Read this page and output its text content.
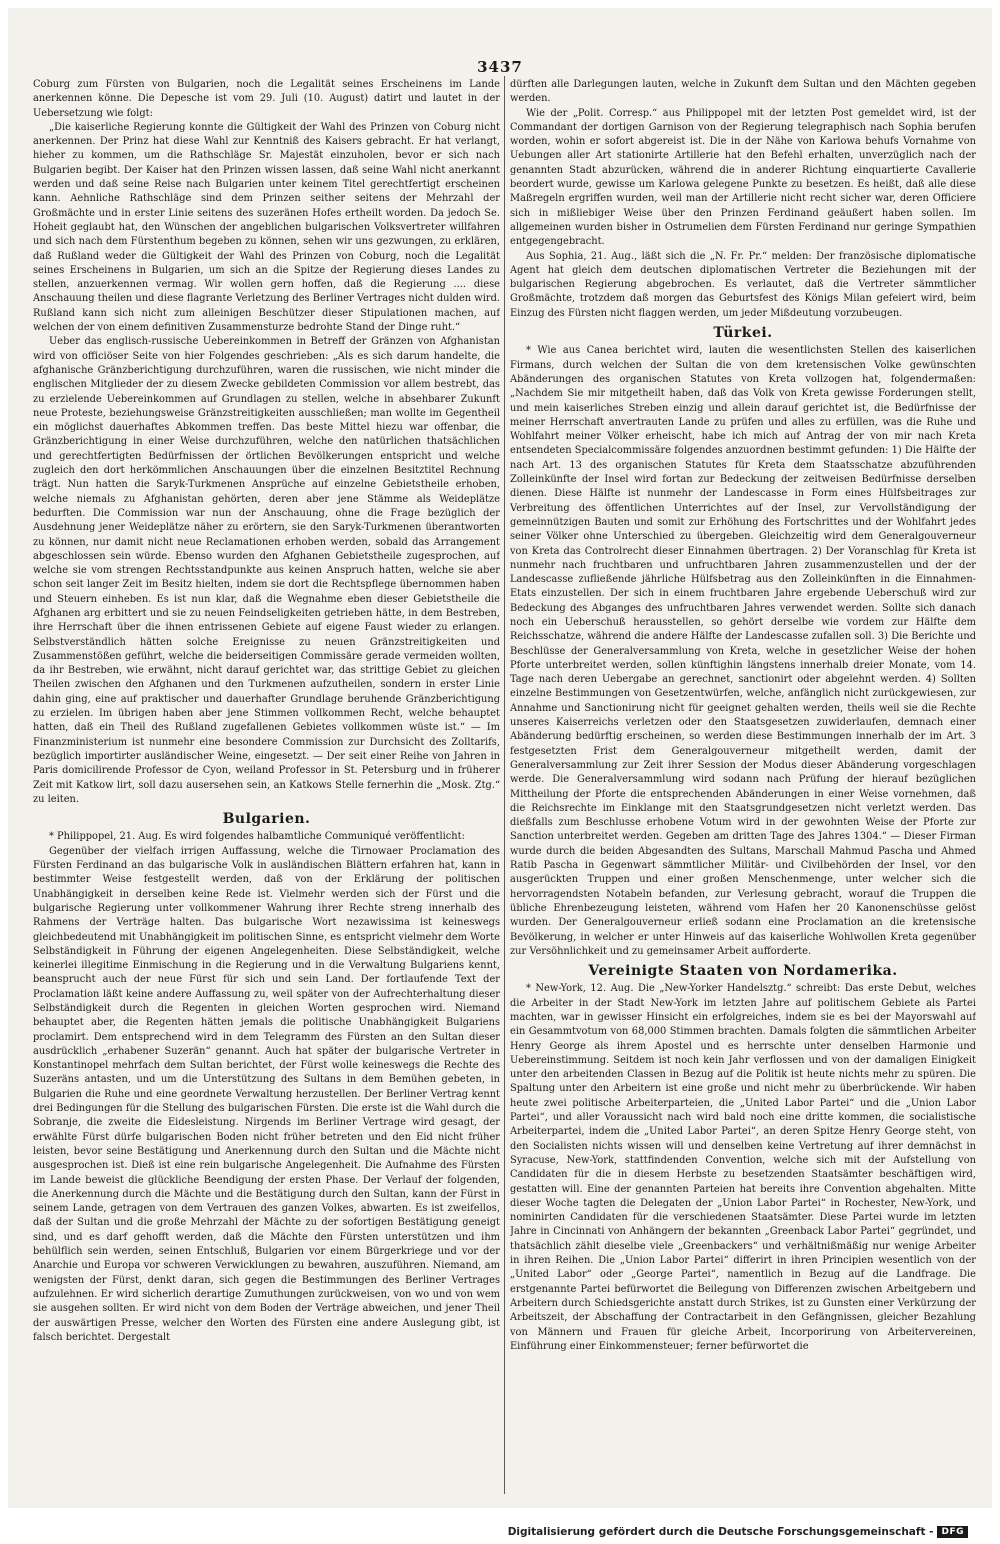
3437

Coburg zum Fürsten von Bulgarien, noch die Legalität seines Erscheinens im Lande anerkennen könne. Die Depesche ist vom 29. Juli (10. August) datirt und lautet in der Uebersetzung wie folgt:

„Die kaiserliche Regierung konnte die Gültigkeit der Wahl des Prinzen von Coburg nicht anerkennen. Der Prinz hat diese Wahl zur Kenntniß des Kaisers gebracht. Er hat verlangt, hieher zu kommen, um die Rathschläge Sr. Majestät einzuholen, bevor er sich nach Bulgarien begibt. Der Kaiser hat den Prinzen wissen lassen, daß seine Wahl nicht anerkannt werden und daß seine Reise nach Bulgarien unter keinem Titel gerechtfertigt erscheinen kann. Aehnliche Rathschläge sind dem Prinzen seither seitens der Mehrzahl der Großmächte und in erster Linie seitens des suzeränen Hofes ertheilt worden. Da jedoch Se. Hoheit geglaubt hat, den Wünschen der angeblichen bulgarischen Volksvertreter willfahren und sich nach dem Fürstenthum begeben zu können, sehen wir uns gezwungen, zu erklären, daß Rußland weder die Gültigkeit der Wahl des Prinzen von Coburg, noch die Legalität seines Erscheinens in Bulgarien, um sich an die Spitze der Regierung dieses Landes zu stellen, anzuerkennen vermag. Wir wollen gern hoffen, daß die Regierung .... diese Anschauung theilen und diese flagrante Verletzung des Berliner Vertrages nicht dulden wird. Rußland kann sich nicht zum alleinigen Beschützer dieser Stipulationen machen, auf welchen der von einem definitiven Zusammensturze bedrohte Stand der Dinge ruht.“

Ueber das englisch-russische Uebereinkommen in Betreff der Gränzen von Afghanistan wird von officiöser Seite von hier Folgendes geschrieben: „Als es sich darum handelte, die afghanische Gränzberichtigung durchzuführen, waren die russischen, wie nicht minder die englischen Mitglieder der zu diesem Zwecke gebildeten Commission vor allem bestrebt, das zu erzielende Uebereinkommen auf Grundlagen zu stellen, welche in absehbarer Zukunft neue Proteste, beziehungsweise Gränzstreitigkeiten ausschließen; man wollte im Gegentheil ein möglichst dauerhaftes Abkommen treffen. Das beste Mittel hiezu war offenbar, die Gränzberichtigung in einer Weise durchzuführen, welche den natürlichen thatsächlichen und gerechtfertigten Bedürfnissen der örtlichen Bevölkerungen entspricht und welche zugleich den dort herkömmlichen Anschauungen über die einzelnen Besitztitel Rechnung trägt. Nun hatten die Saryk-Turkmenen Ansprüche auf einzelne Gebietstheile erhoben, welche niemals zu Afghanistan gehörten, deren aber jene Stämme als Weideplätze bedurften. Die Commission war nun der Anschauung, ohne die Frage bezüglich der Ausdehnung jener Weideplätze näher zu erörtern, sie den Saryk-Turkmenen überantworten zu können, nur damit nicht neue Reclamationen erhoben werden, sobald das Arrangement abgeschlossen sein würde. Ebenso wurden den Afghanen Gebietstheile zugesprochen, auf welche sie vom strengen Rechtsstandpunkte aus keinen Anspruch hatten, welche sie aber schon seit langer Zeit im Besitz hielten, indem sie dort die Rechtspflege übernommen haben und Steuern einheben. Es ist nun klar, daß die Wegnahme eben dieser Gebietstheile die Afghanen arg erbittert und sie zu neuen Feindseligkeiten getrieben hätte, in dem Bestreben, ihre Herrschaft über die ihnen entrissenen Gebiete auf eigene Faust wieder zu erlangen. Selbstverständlich hätten solche Ereignisse zu neuen Gränzstreitigkeiten und Zusammenstößen geführt, welche die beiderseitigen Commissäre gerade vermeiden wollten, da ihr Bestreben, wie erwähnt, nicht darauf gerichtet war, das strittige Gebiet zu gleichen Theilen zwischen den Afghanen und den Turkmenen aufzutheilen, sondern in erster Linie dahin ging, eine auf praktischer und dauerhafter Grundlage beruhende Gränzberichtigung zu erzielen. Im übrigen haben aber jene Stimmen vollkommen Recht, welche behauptet hatten, daß ein Theil des Rußland zugefallenen Gebietes vollkommen wüste ist.“ — Im Finanzministerium ist nunmehr eine besondere Commission zur Durchsicht des Zolltarifs, bezüglich importirter ausländischer Weine, eingesetzt. — Der seit einer Reihe von Jahren in Paris domicilirende Professor de Cyon, weiland Professor in St. Petersburg und in früherer Zeit mit Katkow lirt, soll dazu ausersehen sein, an Katkows Stelle fernerhin die „Mosk. Ztg.“ zu leiten.

Bulgarien.

* Philippopel, 21. Aug. Es wird folgendes halbamtliche Communiqué veröffentlicht:

Gegenüber der vielfach irrigen Auffassung, welche die Tirnowaer Proclamation des Fürsten Ferdinand an das bulgarische Volk in ausländischen Blättern erfahren hat, kann in bestimmter Weise festgestellt werden, daß von der Erklärung der politischen Unabhängigkeit in derselben keine Rede ist. Vielmehr werden sich der Fürst und die bulgarische Regierung unter vollkommener Wahrung ihrer Rechte streng innerhalb des Rahmens der Verträge halten. Das bulgarische Wort nezawissima ist keineswegs gleichbedeutend mit Unabhängigkeit im politischen Sinne, es entspricht vielmehr dem Worte Selbständigkeit in Führung der eigenen Angelegenheiten. Diese Selbständigkeit, welche keinerlei illegitime Einmischung in die Regierung und in die Verwaltung Bulgariens kennt, beansprucht auch der neue Fürst für sich und sein Land. Der fortlaufende Text der Proclamation läßt keine andere Auffassung zu, weil später von der Aufrechterhaltung dieser Selbständigkeit durch die Regenten in gleichen Worten gesprochen wird. Niemand behauptet aber, die Regenten hätten jemals die politische Unabhängigkeit Bulgariens proclamirt. Dem entsprechend wird in dem Telegramm des Fürsten an den Sultan dieser ausdrücklich „erhabener Suzerän“ genannt. Auch hat später der bulgarische Vertreter in Konstantinopel mehrfach dem Sultan berichtet, der Fürst wolle keineswegs die Rechte des Suzeräns antasten, und um die Unterstützung des Sultans in dem Bemühen gebeten, in Bulgarien die Ruhe und eine geordnete Verwaltung herzustellen. Der Berliner Vertrag kennt drei Bedingungen für die Stellung des bulgarischen Fürsten. Die erste ist die Wahl durch die Sobranje, die zweite die Eidesleistung. Nirgends im Berliner Vertrage wird gesagt, der erwählte Fürst dürfe bulgarischen Boden nicht früher betreten und den Eid nicht früher leisten, bevor seine Bestätigung und Anerkennung durch den Sultan und die Mächte nicht ausgesprochen ist. Dieß ist eine rein bulgarische Angelegenheit. Die Aufnahme des Fürsten im Lande beweist die glückliche Beendigung der ersten Phase. Der Verlauf der folgenden, die Anerkennung durch die Mächte und die Bestätigung durch den Sultan, kann der Fürst in seinem Lande, getragen von dem Vertrauen des ganzen Volkes, abwarten. Es ist zweifellos, daß der Sultan und die große Mehrzahl der Mächte zu der sofortigen Bestätigung geneigt sind, und es darf gehofft werden, daß die Mächte den Fürsten unterstützen und ihm behülflich sein werden, seinen Entschluß, Bulgarien vor einem Bürgerkriege und vor der Anarchie und Europa vor schweren Verwicklungen zu bewahren, auszuführen. Niemand, am wenigsten der Fürst, denkt daran, sich gegen die Bestimmungen des Berliner Vertrages aufzulehnen. Er wird sicherlich derartige Zumuthungen zurückweisen, von wo und von wem sie ausgehen sollten. Er wird nicht von dem Boden der Verträge abweichen, und jener Theil der auswärtigen Presse, welcher den Worten des Fürsten eine andere Auslegung gibt, ist falsch berichtet. Dergestalt

dürften alle Darlegungen lauten, welche in Zukunft dem Sultan und den Mächten gegeben werden.

Wie der „Polit. Corresp.“ aus Philippopel mit der letzten Post gemeldet wird, ist der Commandant der dortigen Garnison von der Regierung telegraphisch nach Sophia berufen worden, wohin er sofort abgereist ist. Die in der Nähe von Karlowa behufs Vornahme von Uebungen aller Art stationirte Artillerie hat den Befehl erhalten, unverzüglich nach der genannten Stadt abzurücken, während die in anderer Richtung einquartierte Cavallerie beordert wurde, gewisse um Karlowa gelegene Punkte zu besetzen. Es heißt, daß alle diese Maßregeln ergriffen wurden, weil man der Artillerie nicht recht sicher war, deren Officiere sich in mißliebiger Weise über den Prinzen Ferdinand geäußert haben sollen. Im allgemeinen wurden bisher in Ostrumelien dem Fürsten Ferdinand nur geringe Sympathien entgegengebracht.

Aus Sophia, 21. Aug., läßt sich die „N. Fr. Pr.“ melden: Der französische diplomatische Agent hat gleich dem deutschen diplomatischen Vertreter die Beziehungen mit der bulgarischen Regierung abgebrochen. Es verlautet, daß die Vertreter sämmtlicher Großmächte, trotzdem daß morgen das Geburtsfest des Königs Milan gefeiert wird, beim Einzug des Fürsten nicht flaggen werden, um jeder Mißdeutung vorzubeugen.

Türkei.

* Wie aus Canea berichtet wird, lauten die wesentlichsten Stellen des kaiserlichen Firmans, durch welchen der Sultan die von dem kretensischen Volke gewünschten Abänderungen des organischen Statutes von Kreta vollzogen hat, folgendermaßen: „Nachdem Sie mir mitgetheilt haben, daß das Volk von Kreta gewisse Forderungen stellt, und mein kaiserliches Streben einzig und allein darauf gerichtet ist, die Bedürfnisse der meiner Herrschaft anvertrauten Lande zu prüfen und alles zu erfüllen, was die Ruhe und Wohlfahrt meiner Völker erheischt, habe ich mich auf Antrag der von mir nach Kreta entsendeten Specialcommissäre folgendes anzuordnen bestimmt gefunden: 1) Die Hälfte der nach Art. 13 des organischen Statutes für Kreta dem Staatsschatze abzuführenden Zolleinkünfte der Insel wird fortan zur Bedeckung der zeitweisen Bedürfnisse derselben dienen. Diese Hälfte ist nunmehr der Landescasse in Form eines Hülfsbeitrages zur Verbreitung des öffentlichen Unterrichtes auf der Insel, zur Vervollständigung der gemeinnützigen Bauten und somit zur Erhöhung des Fortschrittes und der Wohlfahrt jedes seiner Völker ohne Unterschied zu übergeben. Gleichzeitig wird dem Generalgouverneur von Kreta das Controlrecht dieser Einnahmen übertragen. 2) Der Voranschlag für Kreta ist nunmehr nach fruchtbaren und unfruchtbaren Jahren zusammenzustellen und der der Landescasse zufließende jährliche Hülfsbetrag aus den Zolleinkünften in die Einnahmen-Etats einzustellen. Der sich in einem fruchtbaren Jahre ergebende Ueberschuß wird zur Bedeckung des Abganges des unfruchtbaren Jahres verwendet werden. Sollte sich danach noch ein Ueberschuß herausstellen, so gehört derselbe wie vordem zur Hälfte dem Reichsschatze, während die andere Hälfte der Landescasse zufallen soll. 3) Die Berichte und Beschlüsse der Generalversammlung von Kreta, welche in gesetzlicher Weise der hohen Pforte unterbreitet werden, sollen künftighin längstens innerhalb dreier Monate, vom 14. Tage nach deren Uebergabe an gerechnet, sanctionirt oder abgelehnt werden. 4) Sollten einzelne Bestimmungen von Gesetzentwürfen, welche, anfänglich nicht zurückgewiesen, zur Annahme und Sanctionirung nicht für geeignet gehalten werden, theils weil sie die Rechte unseres Kaiserreichs verletzen oder den Staatsgesetzen zuwiderlaufen, demnach einer Abänderung bedürftig erscheinen, so werden diese Bestimmungen innerhalb der im Art. 3 festgesetzten Frist dem Generalgouverneur mitgetheilt werden, damit der Generalversammlung zur Zeit ihrer Session der Modus dieser Abänderung vorgeschlagen werde. Die Generalversammlung wird sodann nach Prüfung der hierauf bezüglichen Mittheilung der Pforte die entsprechenden Abänderungen in einer Weise vornehmen, daß die Reichsrechte im Einklange mit den Staatsgrundgesetzen nicht verletzt werden. Das dießfalls zum Beschlusse erhobene Votum wird in der gewohnten Weise der Pforte zur Sanction unterbreitet werden. Gegeben am dritten Tage des Jahres 1304.“ — Dieser Firman wurde durch die beiden Abgesandten des Sultans, Marschall Mahmud Pascha und Ahmed Ratib Pascha in Gegenwart sämmtlicher Militär- und Civilbehörden der Insel, vor den ausgerückten Truppen und einer großen Menschenmenge, unter welcher sich die hervorragendsten Notabeln befanden, zur Verlesung gebracht, worauf die Truppen die übliche Ehrenbezeugung leisteten, während vom Hafen her 20 Kanonenschüsse gelöst wurden. Der Generalgouverneur erließ sodann eine Proclamation an die kretensische Bevölkerung, in welcher er unter Hinweis auf das kaiserliche Wohlwollen Kreta gegenüber zur Versöhnlichkeit und zu gemeinsamer Arbeit aufforderte.

Vereinigte Staaten von Nordamerika.

* New-York, 12. Aug. Die „New-Yorker Handelsztg.“ schreibt: Das erste Debut, welches die Arbeiter in der Stadt New-York im letzten Jahre auf politischem Gebiete als Partei machten, war in gewisser Hinsicht ein erfolgreiches, indem sie es bei der Mayorswahl auf ein Gesammtvotum von 68,000 Stimmen brachten. Damals folgten die sämmtlichen Arbeiter Henry George als ihrem Apostel und es herrschte unter denselben Harmonie und Uebereinstimmung. Seitdem ist noch kein Jahr verflossen und von der damaligen Einigkeit unter den arbeitenden Classen in Bezug auf die Politik ist heute nichts mehr zu spüren. Die Spaltung unter den Arbeitern ist eine große und nicht mehr zu überbrückende. Wir haben heute zwei politische Arbeiterparteien, die „United Labor Partei“ und die „Union Labor Partei“, und aller Voraussicht nach wird bald noch eine dritte kommen, die socialistische Arbeiterpartei, indem die „United Labor Partei“, an deren Spitze Henry George steht, von den Socialisten nichts wissen will und denselben keine Vertretung auf ihrer demnächst in Syracuse, New-York, stattfindenden Convention, welche sich mit der Aufstellung von Candidaten für die in diesem Herbste zu besetzenden Staatsämter beschäftigen wird, gestatten will. Eine der genannten Parteien hat bereits ihre Convention abgehalten. Mitte dieser Woche tagten die Delegaten der „Union Labor Partei“ in Rochester, New-York, und nominirten Candidaten für die verschiedenen Staatsämter. Diese Partei wurde im letzten Jahre in Cincinnati von Anhängern der bekannten „Greenback Labor Partei“ gegründet, und thatsächlich zählt dieselbe viele „Greenbackers“ und verhältnißmäßig nur wenige Arbeiter in ihren Reihen. Die „Union Labor Partei“ differirt in ihren Principien wesentlich von der „United Labor“ oder „George Partei“, namentlich in Bezug auf die Landfrage. Die erstgenannte Partei befürwortet die Beilegung von Differenzen zwischen Arbeitgebern und Arbeitern durch Schiedsgerichte anstatt durch Strikes, ist zu Gunsten einer Verkürzung der Arbeitszeit, der Abschaffung der Contractarbeit in den Gefängnissen, gleicher Bezahlung von Männern und Frauen für gleiche Arbeit, Incorporirung von Arbeitervereinen, Einführung einer Einkommensteuer; ferner befürwortet die

Digitalisierung gefördert durch die Deutsche Forschungsgemeinschaft - DFG
